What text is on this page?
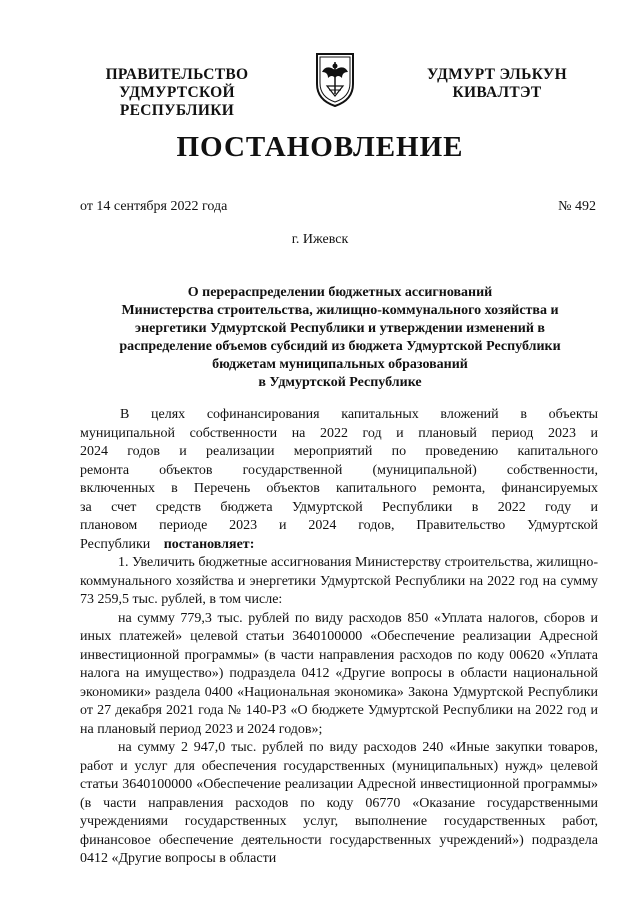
ПРАВИТЕЛЬСТВО
УДМУРТСКОЙ РЕСПУБЛИКИ
УДМУРТ ЭЛЬКУН
КИВАЛТЭТ
ПОСТАНОВЛЕНИЕ
от 14 сентября 2022 года	№ 492
г. Ижевск
О перераспределении бюджетных ассигнований
Министерства строительства, жилищно-коммунального хозяйства и
энергетики Удмуртской Республики и утверждении изменений в
распределение объемов субсидий из бюджета Удмуртской Республики
бюджетам муниципальных образований
в Удмуртской Республике

В целях софинансирования капитальных вложений в объекты муниципальной собственности на 2022 год и плановый период 2023 и 2024 годов и реализации мероприятий по проведению капитального ремонта объектов государственной (муниципальной) собственности, включенных в Перечень объектов капитального ремонта, финансируемых за счет средств бюджета Удмуртской Республики в 2022 году и плановом периоде 2023 и 2024 годов, Правительство Удмуртской Республики постановляет:

1. Увеличить бюджетные ассигнования Министерству строительства, жилищно-коммунального хозяйства и энергетики Удмуртской Республики на 2022 год на сумму 73 259,5 тыс. рублей, в том числе:

на сумму 779,3 тыс. рублей по виду расходов 850 «Уплата налогов, сборов и иных платежей» целевой статьи 3640100000 «Обеспечение реализации Адресной инвестиционной программы» (в части направления расходов по коду 00620 «Уплата налога на имущество») подраздела 0412 «Другие вопросы в области национальной экономики» раздела 0400 «Национальная экономика» Закона Удмуртской Республики от 27 декабря 2021 года № 140-РЗ «О бюджете Удмуртской Республики на 2022 год и на плановый период 2023 и 2024 годов»;

на сумму 2 947,0 тыс. рублей по виду расходов 240 «Иные закупки товаров, работ и услуг для обеспечения государственных (муниципальных) нужд» целевой статьи 3640100000 «Обеспечение реализации Адресной инвестиционной программы» (в части направления расходов по коду 06770 «Оказание государственными учреждениями государственных услуг, выполнение государственных работ, финансовое обеспечение деятельности государственных учреждений») подраздела 0412 «Другие вопросы в области
